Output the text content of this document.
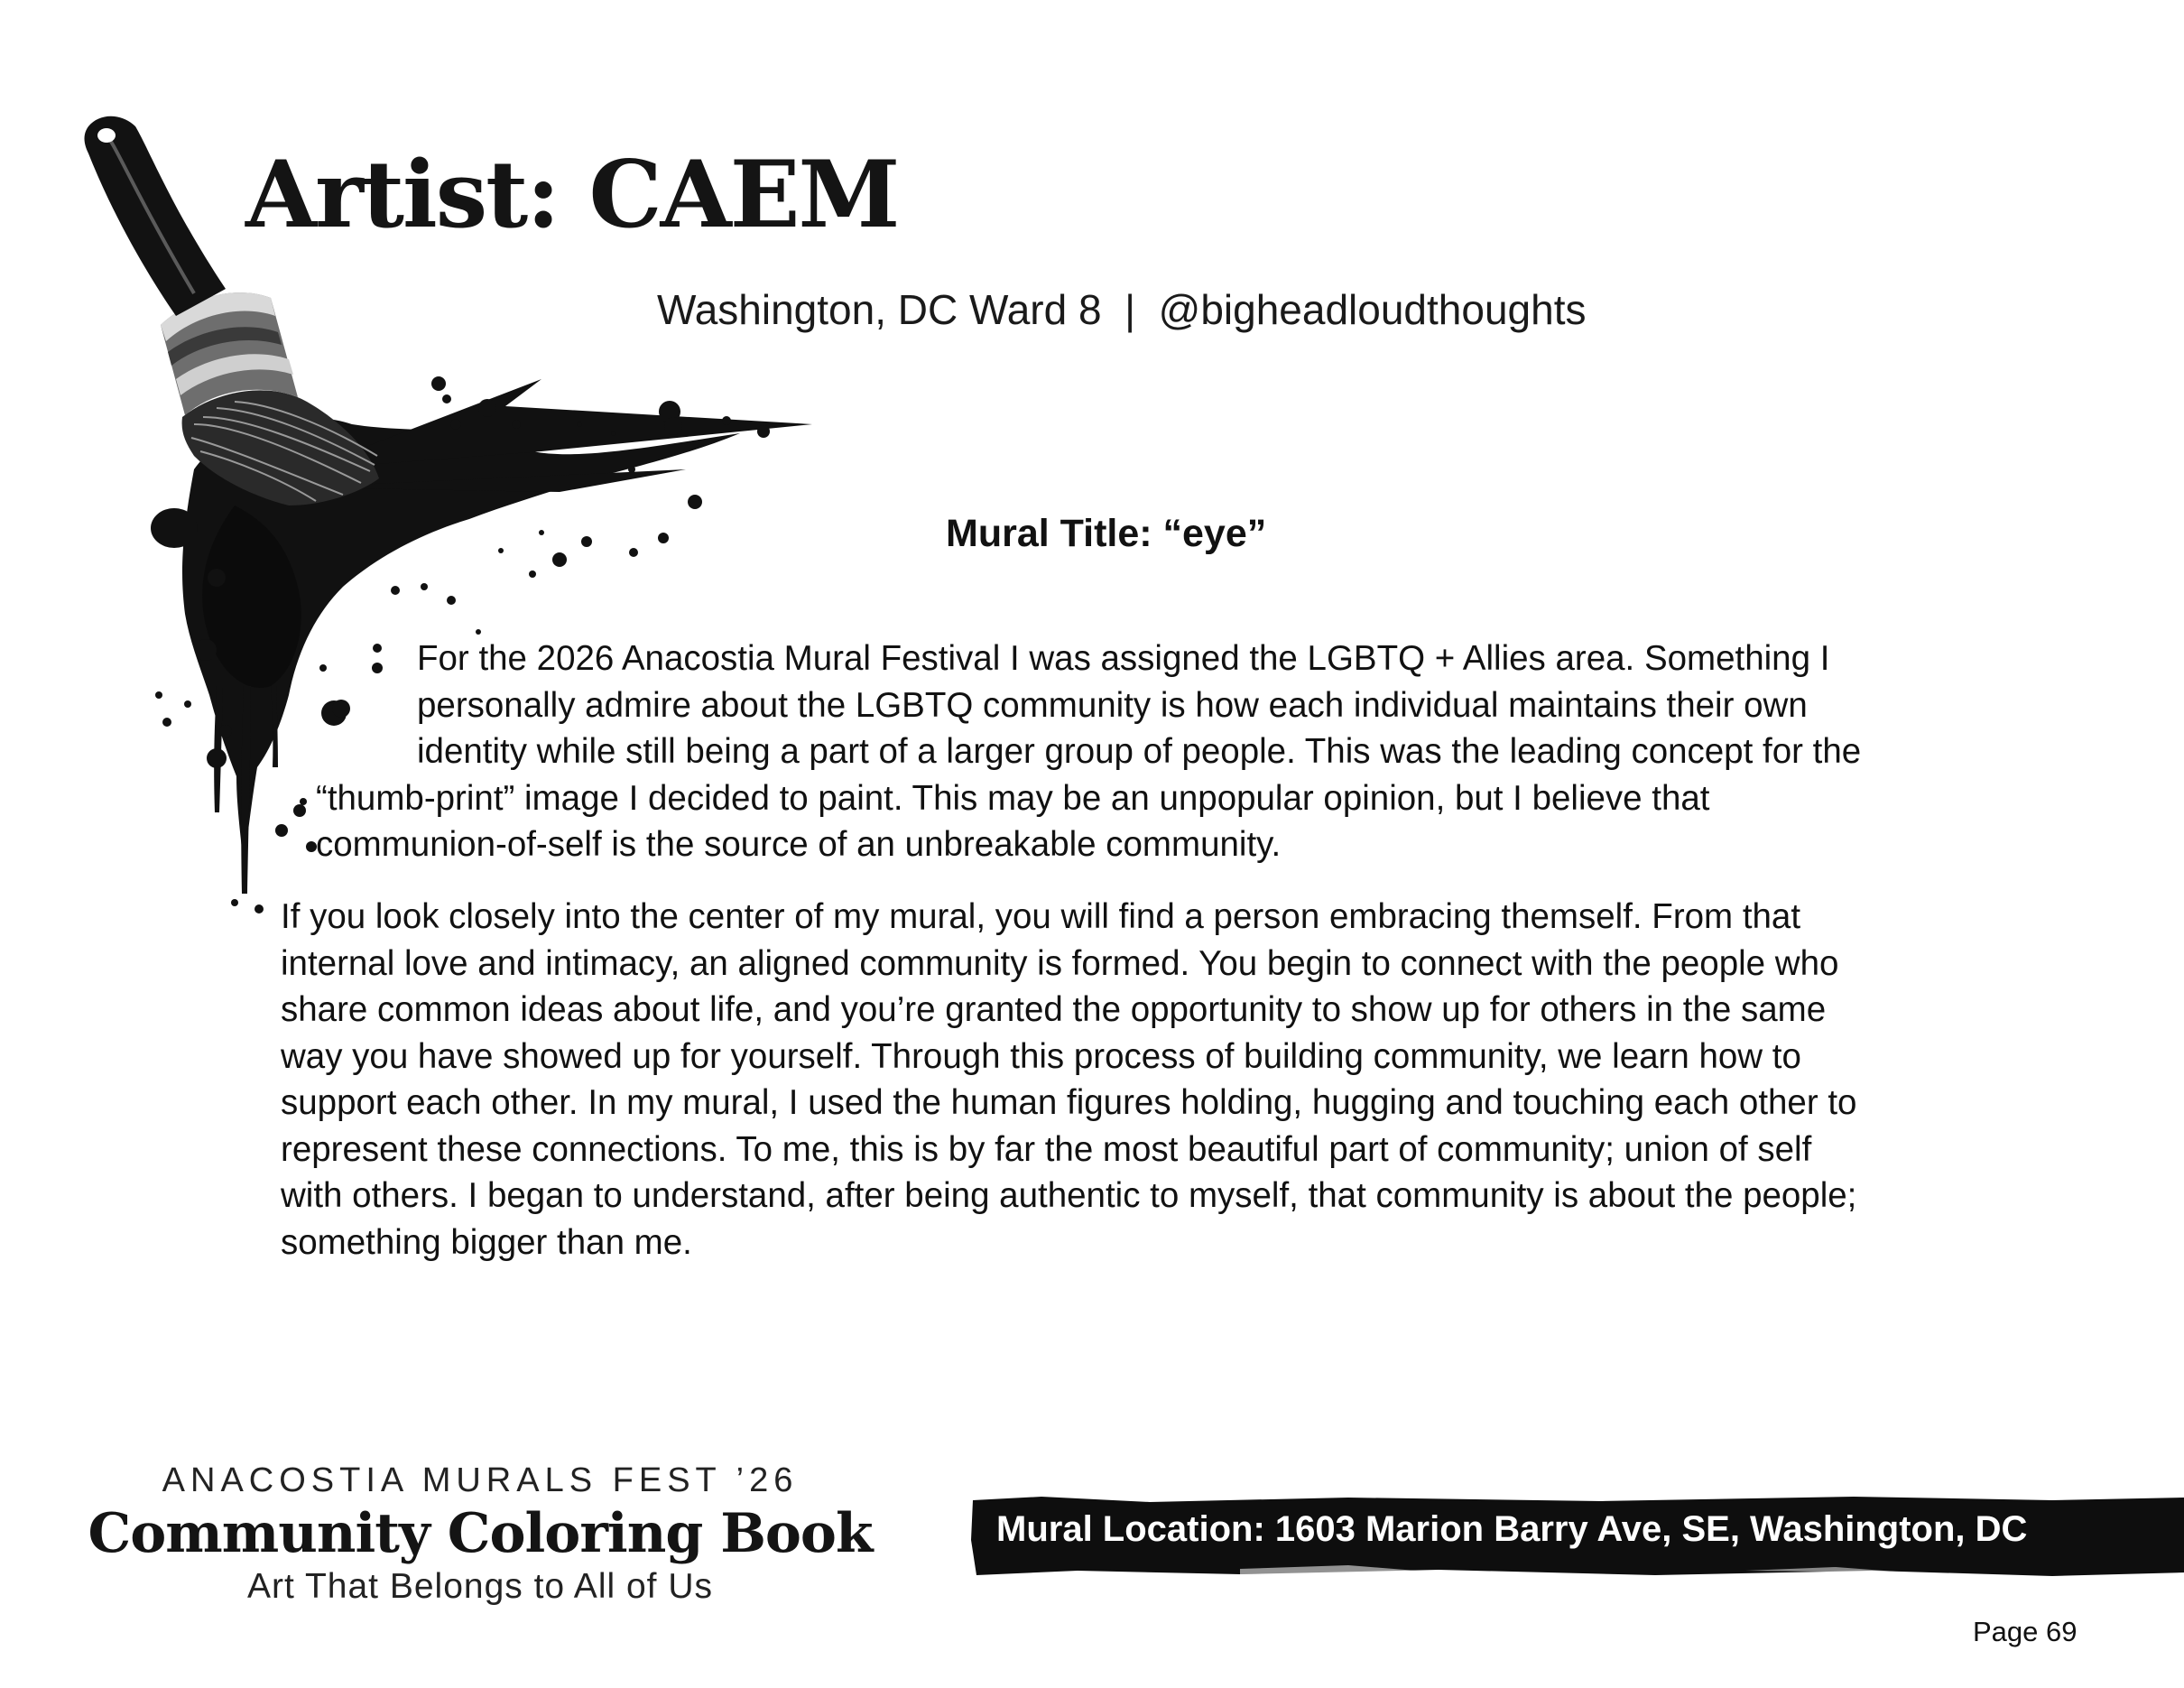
Artist: CAEM
Washington, DC Ward 8 | @bigheadloudthoughts
Mural Title: “eye”
For the 2026 Anacostia Mural Festival I was assigned the LGBTQ + Allies area. Something I
personally admire about the LGBTQ community is how each individual maintains their own
identity while still being a part of a larger group of people. This was the leading concept for the
“thumb-print” image I decided to paint. This may be an unpopular opinion, but I believe that
communion-of-self is the source of an unbreakable community.
If you look closely into the center of my mural, you will find a person embracing themself. From that
internal love and intimacy, an aligned community is formed. You begin to connect with the people who
share common ideas about life, and you’re granted the opportunity to show up for others in the same
way you have showed up for yourself. Through this process of building community, we learn how to
support each other. In my mural, I used the human figures holding, hugging and touching each other to
represent these connections. To me, this is by far the most beautiful part of community; union of self
with others. I began to understand, after being authentic to myself, that community is about the people;
something bigger than me.
ANACOSTIA MURALS FEST ’26
Community Coloring Book
Art That Belongs to All of Us
Mural Location: 1603 Marion Barry Ave, SE, Washington, DC
Page 69
